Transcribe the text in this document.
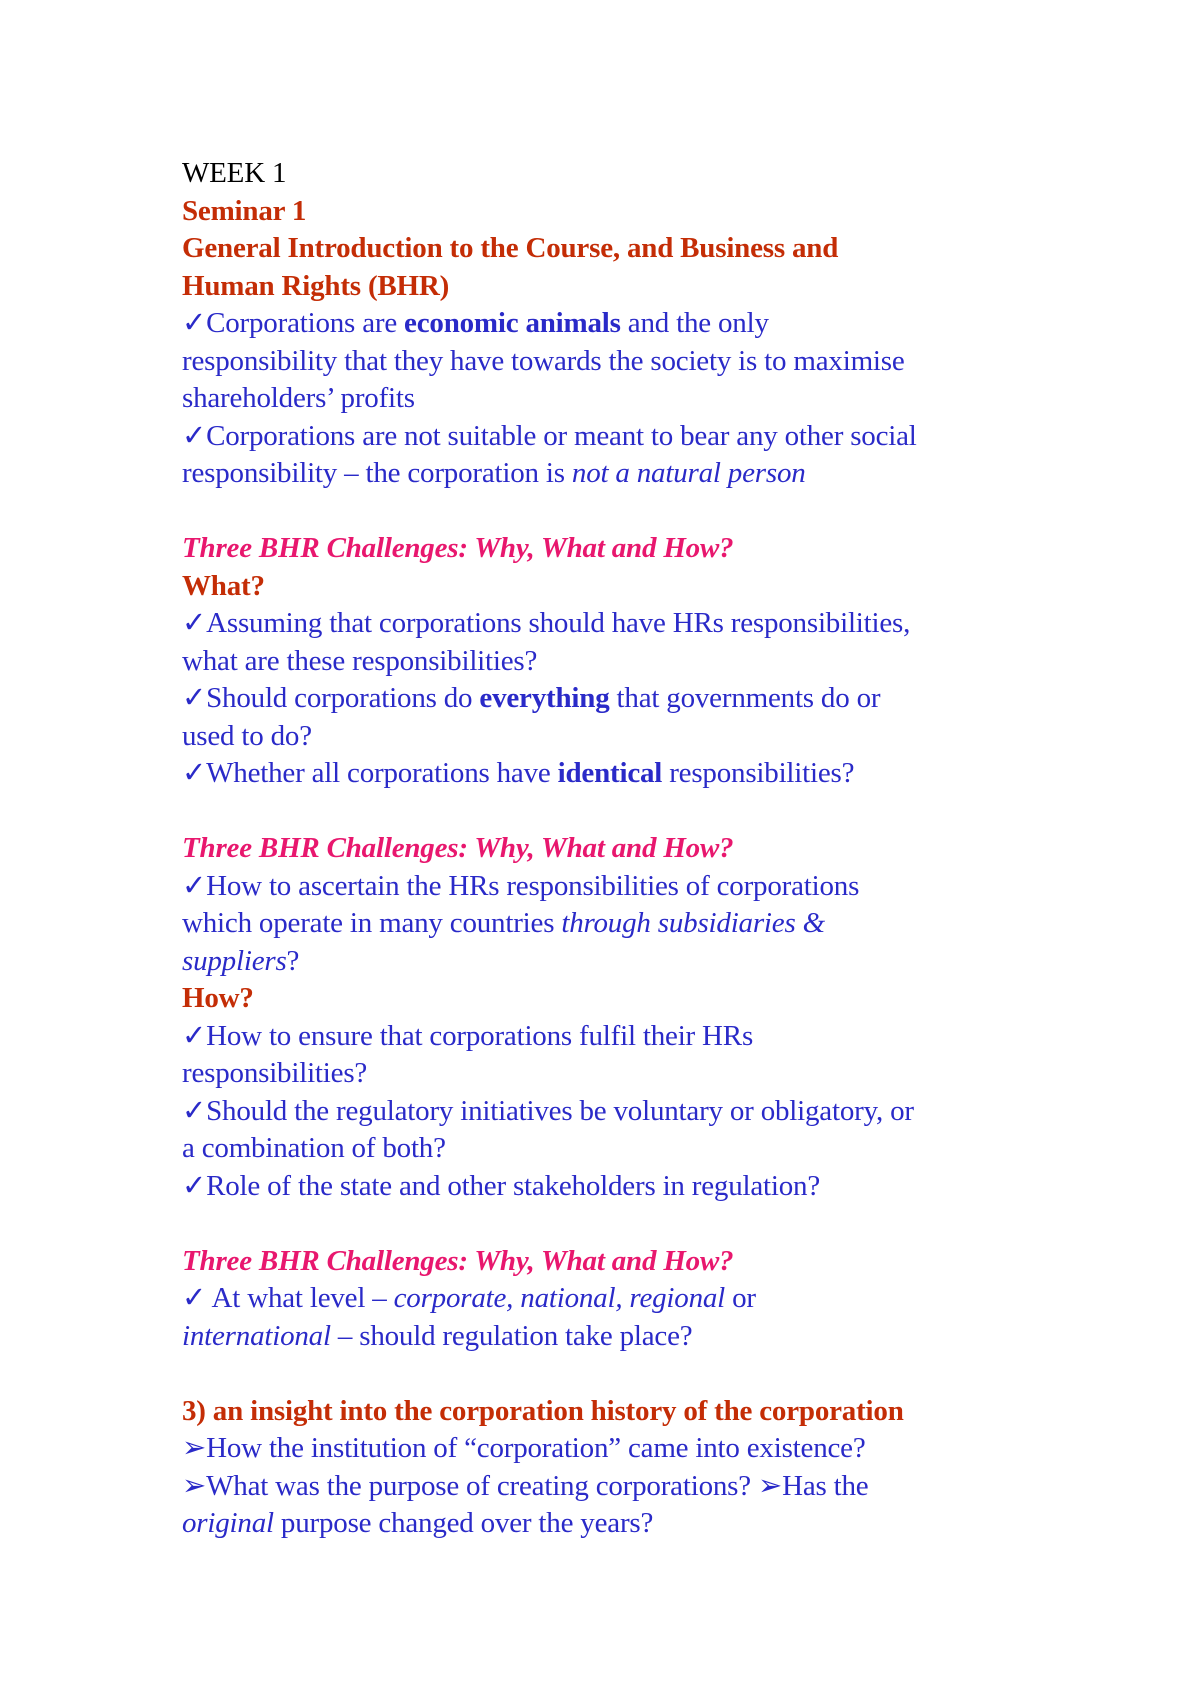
WEEK 1

Seminar 1

General Introduction to the Course, and Business and

Human Rights (BHR)

✓Corporations are economic animals and the only

responsibility that they have towards the society is to maximise

shareholders’ profits

✓Corporations are not suitable or meant to bear any other social

responsibility – the corporation is not a natural person

Three BHR Challenges: Why, What and How?

What?

✓Assuming that corporations should have HRs responsibilities,

what are these responsibilities?

✓Should corporations do everything that governments do or

used to do?

✓Whether all corporations have identical responsibilities?

Three BHR Challenges: Why, What and How?

✓How to ascertain the HRs responsibilities of corporations

which operate in many countries through subsidiaries &

suppliers?

How?

✓How to ensure that corporations fulfil their HRs

responsibilities?

✓Should the regulatory initiatives be voluntary or obligatory, or

a combination of both?

✓Role of the state and other stakeholders in regulation?

Three BHR Challenges: Why, What and How?

✓ At what level – corporate, national, regional or

international – should regulation take place?

3) an insight into the corporation history of the corporation

➢How the institution of “corporation” came into existence?

➢What was the purpose of creating corporations? ➢Has the

original purpose changed over the years?
